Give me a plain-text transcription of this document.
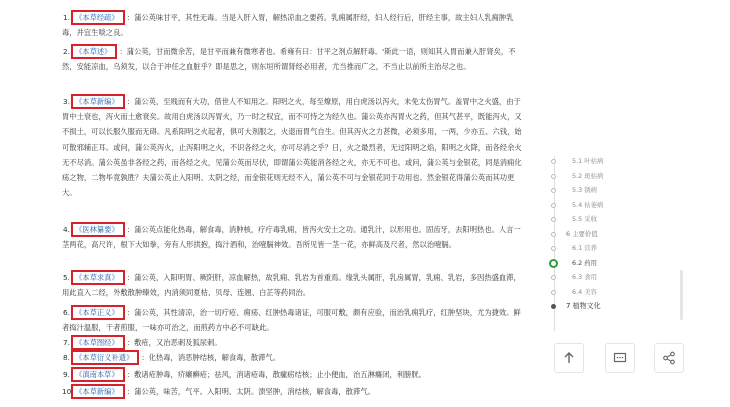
1. 《本草经疏》 ：蒲公英味甘平，其性无毒。当是入肝入胃，解热凉血之要药。乳痈属肝经，妇人经行后，肝经主事，故主妇人乳痈肿乳毒，并宜生啖之良。

2. 《本草述》 ：蒲公英，甘而微余苦，是甘平而兼有微寒者也。希雍有曰：甘平之剂点解肝毒。'斯此一语，则知其入胃而兼入肝肾矣，不然，安能凉血，乌须发，以合于冲任之血脏乎？即是思之，则东垣所谓肾经必用者，尤当推而广之，不当止以前所主治尽之也。

3. 《本草新编》 ：蒲公英，至贱而有大功，借世人不知用之。阳明之火，每至燎原，用白虎汤以泻火，未免太伤胃气。盖胃中之火盛，由于胃中土衰也，泻火而土愈衰矣。故用白虎汤以泻胃火，乃一时之权宜，而不可恃之为经久也。蒲公英亦泻胃火之药，但其气甚平，既能泻火，又不损土，可以长服久服而无碍。凡系阳明之火起者，俱可大剂服之，火退而胃气自生。但其泻火之力甚微，必须多用，一两，少亦五、六钱，始可散邪辅正耳。或问，蒲公英泻火，止泻阳明之火，不识各经之火，亦可尽消之乎？日，火之最烈者，无过阳明之焰，阳明之火降，而各经余火无不尽消。蒲公英虽非各经之药，而各经之火，见蒲公英而尽伏，即谓蒲公英能消各经之火，亦无不可也。或问，蒲公英与金银花，同是消痈化疡之物，二物毕竟孰胜？夫蒲公英止入阳明、太阴之经，而金银花则无经不入，蒲公英不可与金银花同于功用也。然金银花得蒲公英而其功更大。

4. 《医林纂要》 ：蒲公英点能化热毒，解食毒，消肿核，疗疔毒乳痈，皆泻火安土之功。通乳汁，以形用也。固齿牙，去阳明热也。人言一茎两花，高尺许，根下大如拳，旁有人形拱抱，捣汁酒和，治噎膈神效。吾所见皆一茎一花，亦鲜高及尺者，然以治噎膈。

5. 《本草求真》 ：蒲公英，入阳明胃、厥阴肝，凉血解热，故乳痈、乳岩为首重焉。缘乳头属肝，乳房属胃，乳痈、乳岩，多因热盛血滞，用此直入二经，外敷散肿臻效，内消须同夏枯、贝母、连翘、白芷等药同治。

6. 《本草正义》 ：蒲公英，其性清凉，治一切疔疮、痈疡、红肿热毒诸证，可服可敷，颇有应验，而治乳痈乳疗，红肿坚块，尤为捷效。鲜者捣汁温服，干者煎服，一味亦可治之，而煎药方中必不可缺此。

7. 《本草图经》 ：敷疮，又治恶刺及狐尿刺。

8. 《本草衍义补遗》 ：化热毒，消恶肿结核，解食毒，散滞气。

9. 《滇南本草》 ：敷诸疮肿毒，疥癞癣疮；祛风，消诸疮毒，散瘰疬结核；止小便血，治五淋癃闭，利膀胱。

10.《本草新编》 ：蒲公英，味苦，气平。入阳明、太阴。溃坚肿，消结核，解食毒，散滞气。

5.1 叶枯病
5.2 斑枯病
5.3 锈病
5.4 枯萎病
5.5 采收
6 主要价值
6.1 营养
6.2 药用
6.3 食用
6.4 美容
7 植物文化
